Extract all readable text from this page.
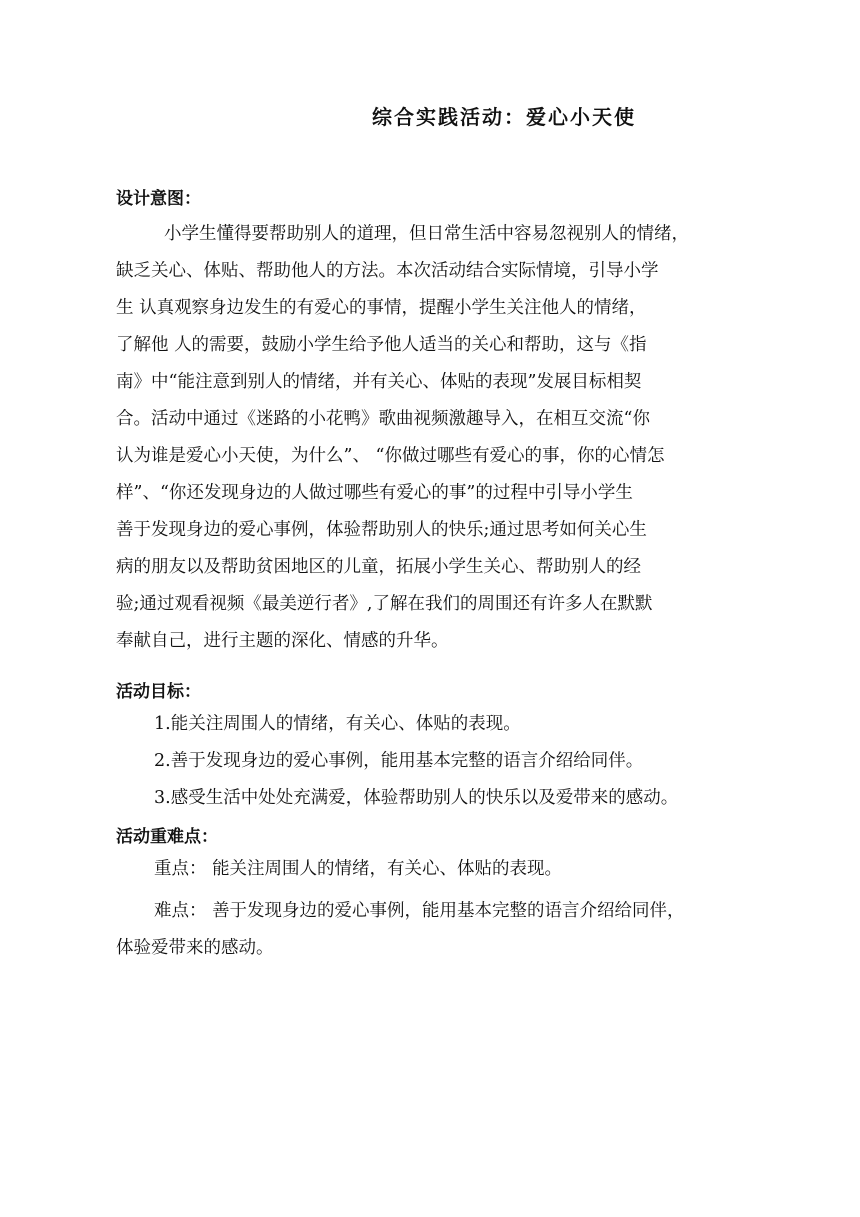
综合实践活动：爱心小天使
设计意图：
小学生懂得要帮助别人的道理，但日常生活中容易忽视别人的情绪，
缺乏关心、体贴、帮助他人的方法。本次活动结合实际情境，引导小学
生 认真观察身边发生的有爱心的事情，提醒小学生关注他人的情绪，
了解他 人的需要，鼓励小学生给予他人适当的关心和帮助，这与《指
南》中“能注意到别人的情绪，并有关心、体贴的表现”发展目标相契
合。活动中通过《迷路的小花鸭》歌曲视频激趣导入，在相互交流“你
认为谁是爱心小天使，为什么”、 “你做过哪些有爱心的事，你的心情怎
样”、“你还发现身边的人做过哪些有爱心的事”的过程中引导小学生
善于发现身边的爱心事例，体验帮助别人的快乐;通过思考如何关心生
病的朋友以及帮助贫困地区的儿童，拓展小学生关心、帮助别人的经
验;通过观看视频《最美逆行者》,了解在我们的周围还有许多人在默默
奉献自己，进行主题的深化、情感的升华。
活动目标：
1.能关注周围人的情绪，有关心、体贴的表现。
2.善于发现身边的爱心事例，能用基本完整的语言介绍给同伴。
3.感受生活中处处充满爱，体验帮助别人的快乐以及爱带来的感动。
活动重难点：
重点： 能关注周围人的情绪，有关心、体贴的表现。
难点： 善于发现身边的爱心事例，能用基本完整的语言介绍给同伴，
体验爱带来的感动。
